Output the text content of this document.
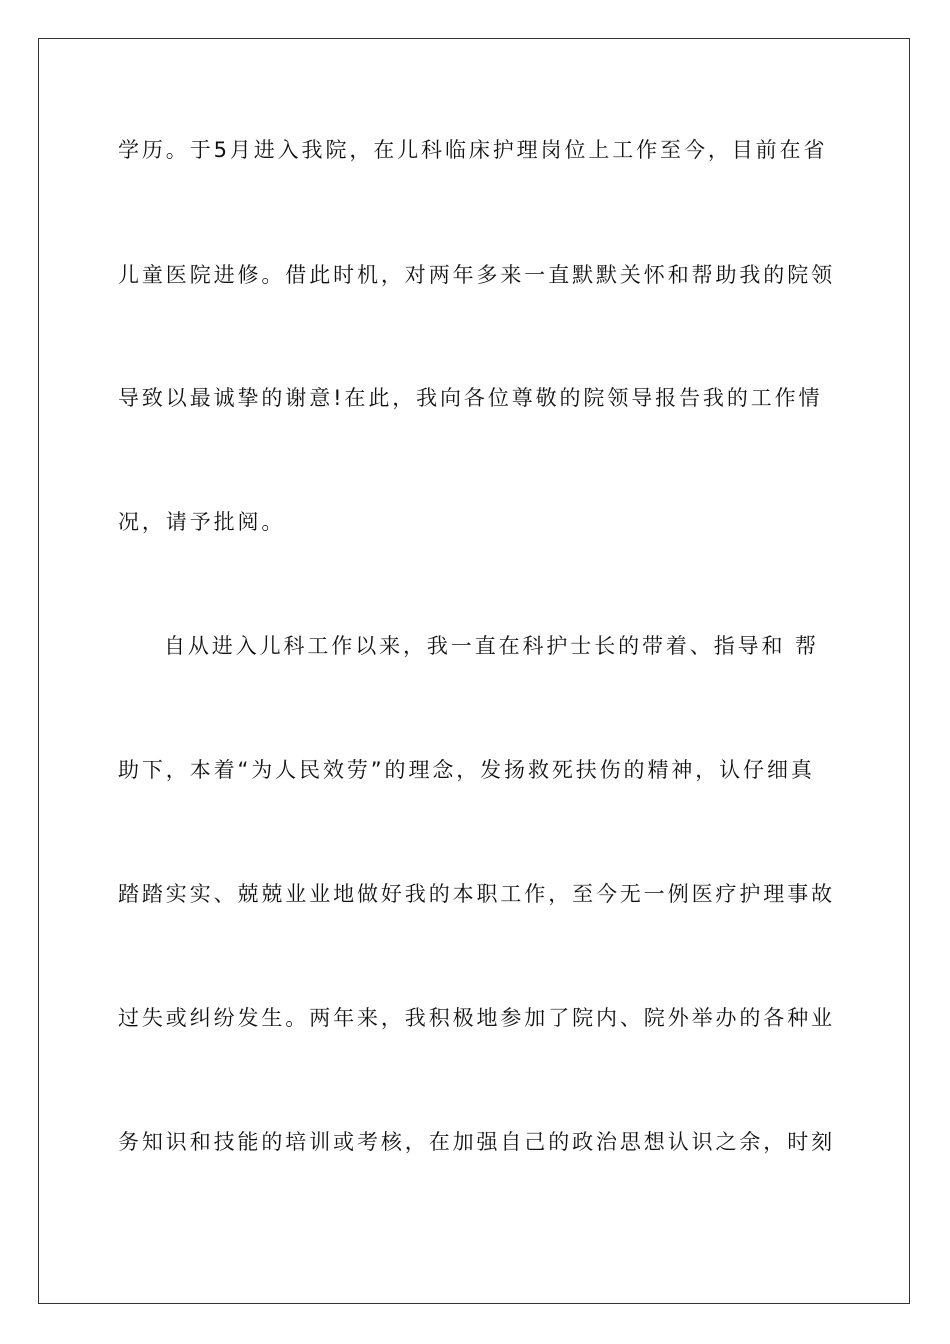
学历。于5月进入我院，在儿科临床护理岗位上工作至今，目前在省
儿童医院进修。借此时机，对两年多来一直默默关怀和帮助我的院领
导致以最诚挚的谢意!在此，我向各位尊敬的院领导报告我的工作情
况，请予批阅。
自从进入儿科工作以来，我一直在科护士长的带着、指导和 帮
助下，本着“为人民效劳”的理念，发扬救死扶伤的精神，认仔细真
踏踏实实、兢兢业业地做好我的本职工作，至今无一例医疗护理事故
过失或纠纷发生。两年来，我积极地参加了院内、院外举办的各种业
务知识和技能的培训或考核，在加强自己的政治思想认识之余，时刻
